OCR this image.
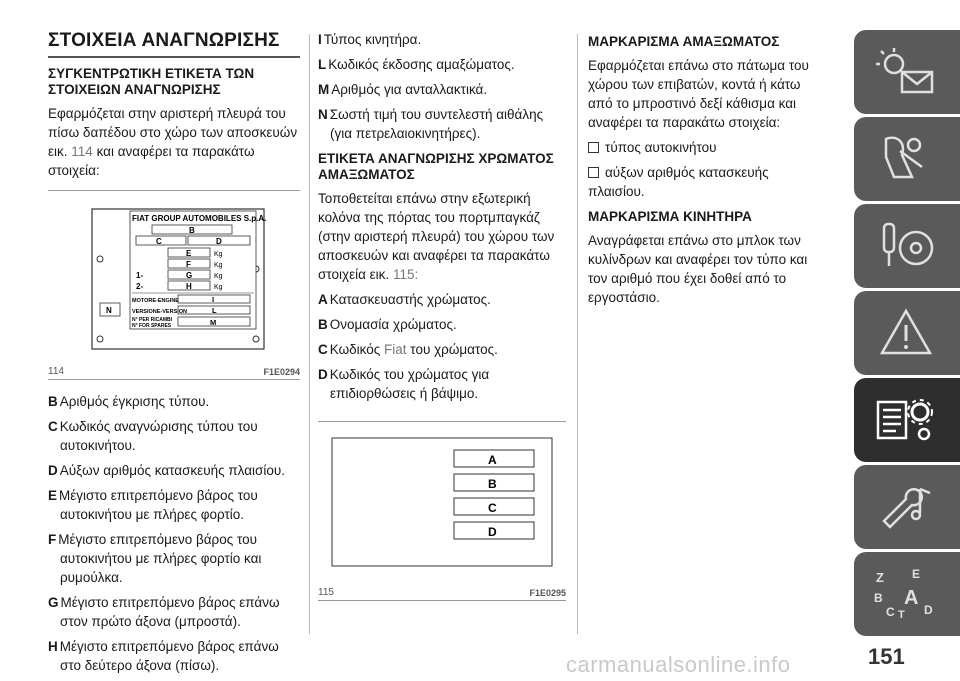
ΣΤΟΙΧΕΙΑ ΑΝΑΓΝΩΡΙΣΗΣ
ΣΥΓΚΕΝΤΡΩΤΙΚΗ ΕΤΙΚΕΤΑ ΤΩΝ ΣΤΟΙΧΕΙΩΝ ΑΝΑΓΝΩΡΙΣΗΣ

Εφαρμόζεται στην αριστερή πλευρά του πίσω δαπέδου στο χώρο των αποσκευών εικ. 114 και αναφέρει τα παρακάτω στοιχεία:

FIAT GROUP AUTOMOBILES S.p.A.
B
C	D
E	Kg
F	Kg
1-	G	Kg
2-	H	Kg
MOTORE-ENGINE	I
VERSIONE-VERSION	L
N° PER RICAMBI
N° FOR SPARES	M
N
114	F1E0294
B Αριθμός έγκρισης τύπου.
C Κωδικός αναγνώρισης τύπου του αυτοκινήτου.
D Αύξων αριθμός κατασκευής πλαισίου.
E Μέγιστο επιτρεπόμενο βάρος του αυτοκινήτου με πλήρες φορτίο.
F Μέγιστο επιτρεπόμενο βάρος του αυτοκινήτου με πλήρες φορτίο και ρυμούλκα.
G Μέγιστο επιτρεπόμενο βάρος επάνω στον πρώτο άξονα (μπροστά).
H Μέγιστο επιτρεπόμενο βάρος επάνω στο δεύτερο άξονα (πίσω).
I Τύπος κινητήρα.
L Κωδικός έκδοσης αμαξώματος.
M Αριθμός για ανταλλακτικά.
N Σωστή τιμή του συντελεστή αιθάλης (για πετρελαιοκινητήρες).
ΕΤΙΚΕΤΑ ΑΝΑΓΝΩΡΙΣΗΣ ΧΡΩΜΑΤΟΣ ΑΜΑΞΩΜΑΤΟΣ

Τοποθετείται επάνω στην εξωτερική κολόνα της πόρτας του πορτμπαγκάζ (στην αριστερή πλευρά) του χώρου των αποσκευών και αναφέρει τα παρακάτω στοιχεία εικ. 115:

A Κατασκευαστής χρώματος.
B Ονομασία χρώματος.
C Κωδικός Fiat του χρώματος.
D Κωδικός του χρώματος για επιδιορθώσεις ή βάψιμο.
A
B
C
D
115	F1E0295
ΜΑΡΚΑΡΙΣΜΑ ΑΜΑΞΩΜΑΤΟΣ

Εφαρμόζεται επάνω στο πάτωμα του χώρου των επιβατών, κοντά ή κάτω από το μπροστινό δεξί κάθισμα και αναφέρει τα παρακάτω στοιχεία:

τύπος αυτοκινήτου
αύξων αριθμός κατασκευής

πλαισίου.

ΜΑΡΚΑΡΙΣΜΑ ΚΙΝΗΤΗΡΑ

Αναγράφεται επάνω στο μπλοκ των κυλίνδρων και αναφέρει τον τύπο και τον αριθμό που έχει δοθεί από το εργοστάσιο.

Z E
B A
C T D
151
carmanualsonline.info
